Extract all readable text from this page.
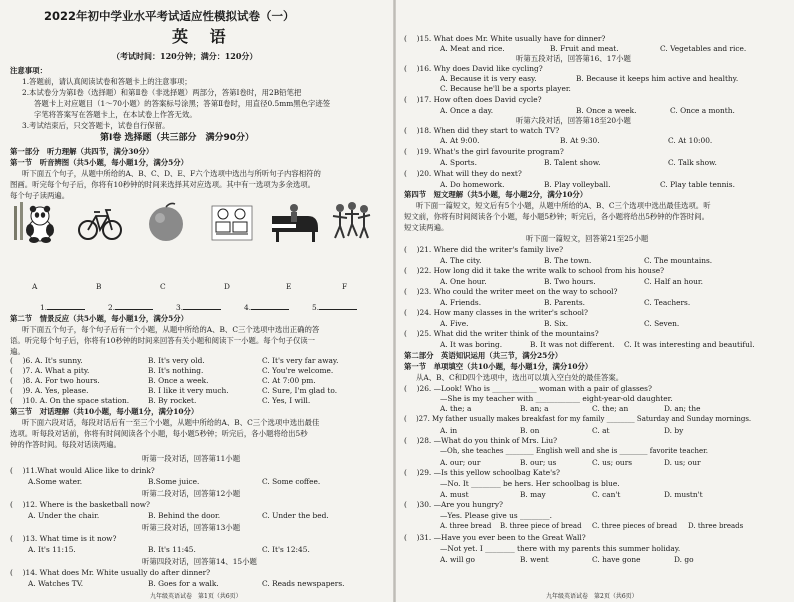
2022年初中学业水平考试适应性模拟试卷（一）
英 语
（考试时间：120分钟；满分：120分）
注意事项：
1.答题前，请认真阅读试卷和答题卡上的注意事项；
2.本试卷分为第Ⅰ卷（选择题）和第Ⅱ卷（非选择题）两部分，答第Ⅰ卷时，用2B铅笔把
答题卡上对应题目（1～70小题）的答案标号涂黑；答第Ⅱ卷时，用直径0.5mm黑色字迹签
字笔将答案写在答题卡上，在本试卷上作答无效。
3.考试结束后，只交答题卡，试卷自行保留。
第Ⅰ卷 选择题（共三部分　满分90分）
第一部分　听力理解（共四节，满分30分）
第一节　听音辨图（共5小题，每小题1分，满分5分）
听下面五个句子，从题中所给的A、B、C、D、E、F六个选项中选出与所听句子内容相符的
图画。听完每个句子后，你将有10秒钟的时间来选择其对应选项。其中有一选项为多余选项。
每个句子读两遍。
A	B	C	D	E	F
1.	2.	3.	4.	5.
第二节　情景反应（共5小题，每小题1分，满分5分）
听下面五个句子，每个句子后有一个小题，从题中所给的A、B、C三个选项中选出正确的答
语。听完每个句子后，你将有10秒钟的时间来回答有关小题和阅读下一小题。每个句子仅读一
遍。
( 　)6. A. It's sunny.	B. It's very old.	C. It's very far away.
( 　)7. A. What a pity.	B. It's nothing.	C. You're welcome.
( 　)8. A. For two hours.	B. Once a week.	C. At 7:00 pm.
( 　)9. A. Yes, please.	B. I like it very much.	C. Sure, I'm glad to.
( 　)10. A. On the space station.	B. By rocket.	C. Yes, I will.
第三节　对话理解（共10小题，每小题1分，满分10分）
听下面六段对话，每段对话后有一至三个小题，从题中所给的A、B、C三个选项中选出最佳
选项。听每段对话前，你将有时间阅读各个小题，每小题5秒钟；听完后，各小题将给出5秒
钟的作答时间。每段对话读两遍。
听第一段对话，回答第11小题
( 　)11.What would Alice like to drink?
A.Some water.	B.Some juice.	C. Some coffee.
听第二段对话，回答第12小题
( 　)12. Where is the basketball now?
A. Under the chair.	B. Behind the door.	C. Under the bed.
听第三段对话，回答第13小题
( 　)13. What time is it now?
A. It's 11:15.	B. It's 11:45.	C. It's 12:45.
听第四段对话，回答第14、15小题
( 　)14. What does Mr. White usually do after dinner?
A. Watches TV.	B. Goes for a walk.	C. Reads newspapers.
九年级英语试卷　第1页（共6页）
( 　)15. What does Mr. White usually have for dinner?
A. Meat and rice.	B. Fruit and meat.	C. Vegetables and rice.
听第五段对话，回答第16、17小题
( 　)16. Why does David like cycling?
A. Because it is very easy.	B. Because it keeps him active and healthy.
C. Because he'll be a sports player.
( 　)17. How often does David cycle?
A. Once a day.	B. Once a week.	C. Once a month.
听第六段对话，回答第18至20小题
( 　)18. When did they start to watch TV?
A. At 9:00.	B. At 9:30.	C. At 10:00.
( 　)19. What's the girl favourite program?
A. Sports.	B. Talent show.	C. Talk show.
( 　)20. What will they do next?
A. Do homework.	B. Play volleyball.	C. Play table tennis.
第四节　短文理解（共5小题，每小题2分，满分10分）
听下面一篇短文，短文后有5个小题，从题中所给的A、B、C三个选项中选出最佳选项。听
短文前，你将有时间阅读各个小题，每小题5秒钟；听完后，各小题将给出5秒钟的作答时间。
短文读两遍。
听下面一篇短文，回答第21至25小题
( 　)21. Where did the writer's family live?
A. The city.	B. The town.	C. The mountains.
( 　)22. How long did it take the write walk to school from his house?
A. One hour.	B. Two hours.	C. Half an hour.
( 　)23. Who could the writer meet on the way to school?
A. Friends.	B. Parents.	C. Teachers.
( 　)24. How many classes in the writer's school?
A. Five.	B. Six.	C. Seven.
( 　)25. What did the writer think of the mountains?
A. It was boring.	B. It was not different. C. It was interesting and beautiful.
第二部分　英语知识运用（共三节，满分25分）
第一节　单项填空（共10小题，每小题1分，满分10分）
从A、B、C和D四个选项中，选出可以填入空白处的最佳答案。
( 　)26. —Look! Who is ____________ woman with a pair of glasses?
—She is my teacher with ____________ eight-year-old daughter.
A. the; a	B. an; a	C. the; an	D. an; the
( 　)27. My father usually makes breakfast for my family ________ Saturday and Sunday mornings.
A. in	B. on	C. at	D. by
( 　)28. —What do you think of Mrs. Liu?
—Oh, she teaches ________ English well and she is ________ favorite teacher.
A. our; our	B. our; us	C. us; ours	D. us; our
( 　)29. —Is this yellow schoolbag Kate's?
—No. It ________ be hers. Her schoolbag is blue.
A. must	B. may	C. can't	D. mustn't
( 　)30. —Are you hungry?
—Yes. Please give us ________.
A. three bread B. three piece of bread C. three pieces of bread D. three breads
( 　)31. —Have you ever been to the Great Wall?
—Not yet. I ________ there with my parents this summer holiday.
A. will go	B. went	C. have gone	D. go
九年级英语试卷　第2页（共6页）
